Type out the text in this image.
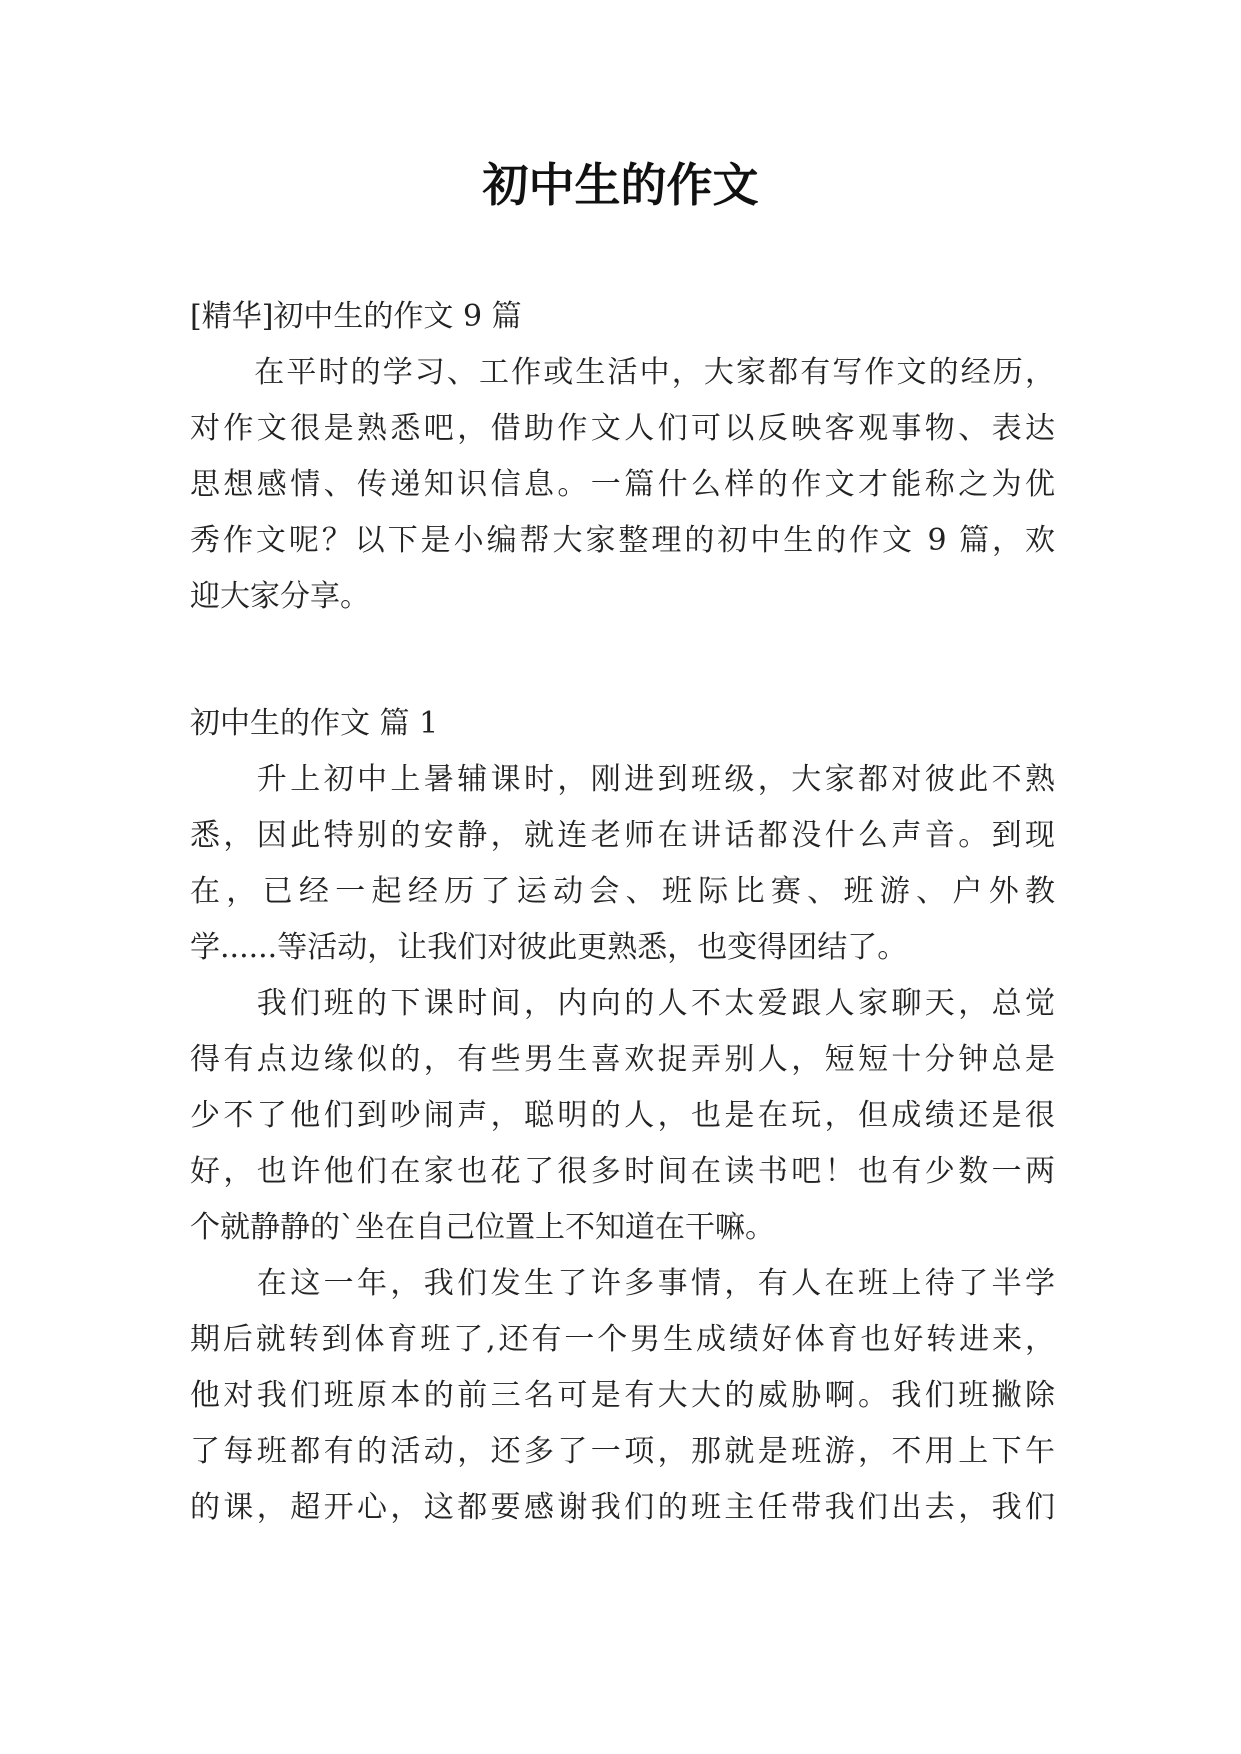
初中生的作文

[精华]初中生的作文 9 篇

　　在平时的学习、工作或生活中，大家都有写作文的经历，

对作文很是熟悉吧，借助作文人们可以反映客观事物、表达

思想感情、传递知识信息。一篇什么样的作文才能称之为优

秀作文呢？以下是小编帮大家整理的初中生的作文 9 篇，欢

迎大家分享。

初中生的作文 篇 1

　　升上初中上暑辅课时，刚进到班级，大家都对彼此不熟

悉，因此特别的安静，就连老师在讲话都没什么声音。到现

在，已经一起经历了运动会、班际比赛、班游、户外教

学......等活动，让我们对彼此更熟悉，也变得团结了。

　　我们班的下课时间，内向的人不太爱跟人家聊天，总觉

得有点边缘似的，有些男生喜欢捉弄别人，短短十分钟总是

少不了他们到吵闹声，聪明的人，也是在玩，但成绩还是很

好，也许他们在家也花了很多时间在读书吧！也有少数一两

个就静静的`坐在自己位置上不知道在干嘛。

　　在这一年，我们发生了许多事情，有人在班上待了半学

期后就转到体育班了,还有一个男生成绩好体育也好转进来，

他对我们班原本的前三名可是有大大的威胁啊。我们班撇除

了每班都有的活动，还多了一项，那就是班游，不用上下午

的课，超开心，这都要感谢我们的班主任带我们出去，我们
